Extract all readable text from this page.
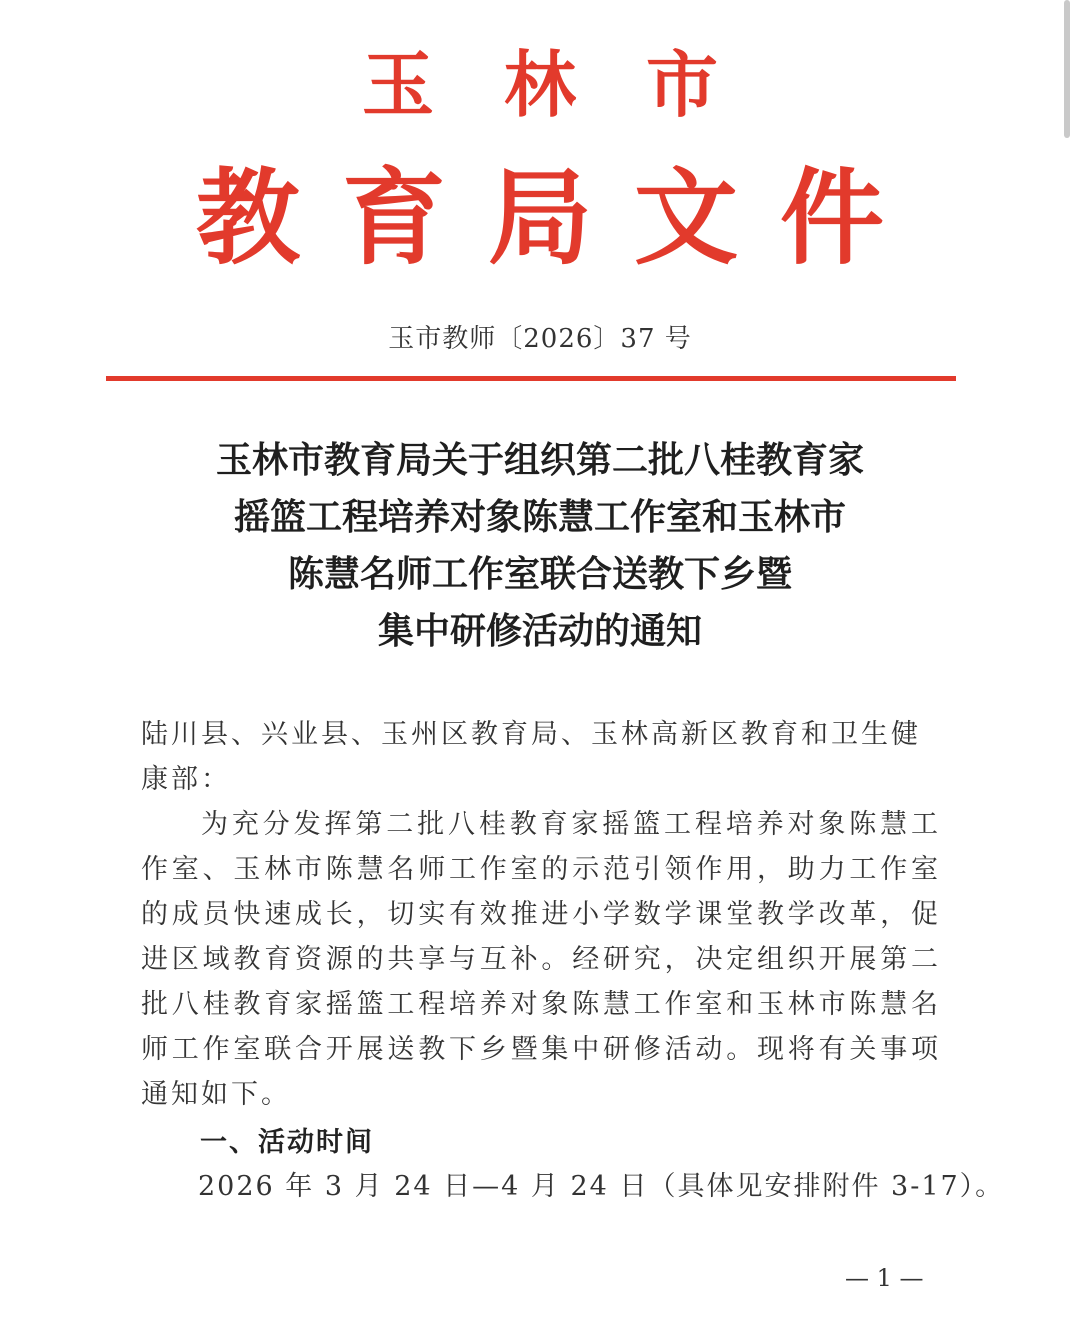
玉林市
教育局文件
玉市教师〔2026〕37 号
玉林市教育局关于组织第二批八桂教育家
摇篮工程培养对象陈慧工作室和玉林市
陈慧名师工作室联合送教下乡暨
集中研修活动的通知
陆川县、兴业县、玉州区教育局、玉林高新区教育和卫生健康部：
为充分发挥第二批八桂教育家摇篮工程培养对象陈慧工作室、玉林市陈慧名师工作室的示范引领作用，助力工作室的成员快速成长，切实有效推进小学数学课堂教学改革，促进区域教育资源的共享与互补。经研究，决定组织开展第二批八桂教育家摇篮工程培养对象陈慧工作室和玉林市陈慧名师工作室联合开展送教下乡暨集中研修活动。现将有关事项通知如下。
一、活动时间
2026 年 3 月 24 日—4 月 24 日（具体见安排附件 3-17）。
— 1 —
